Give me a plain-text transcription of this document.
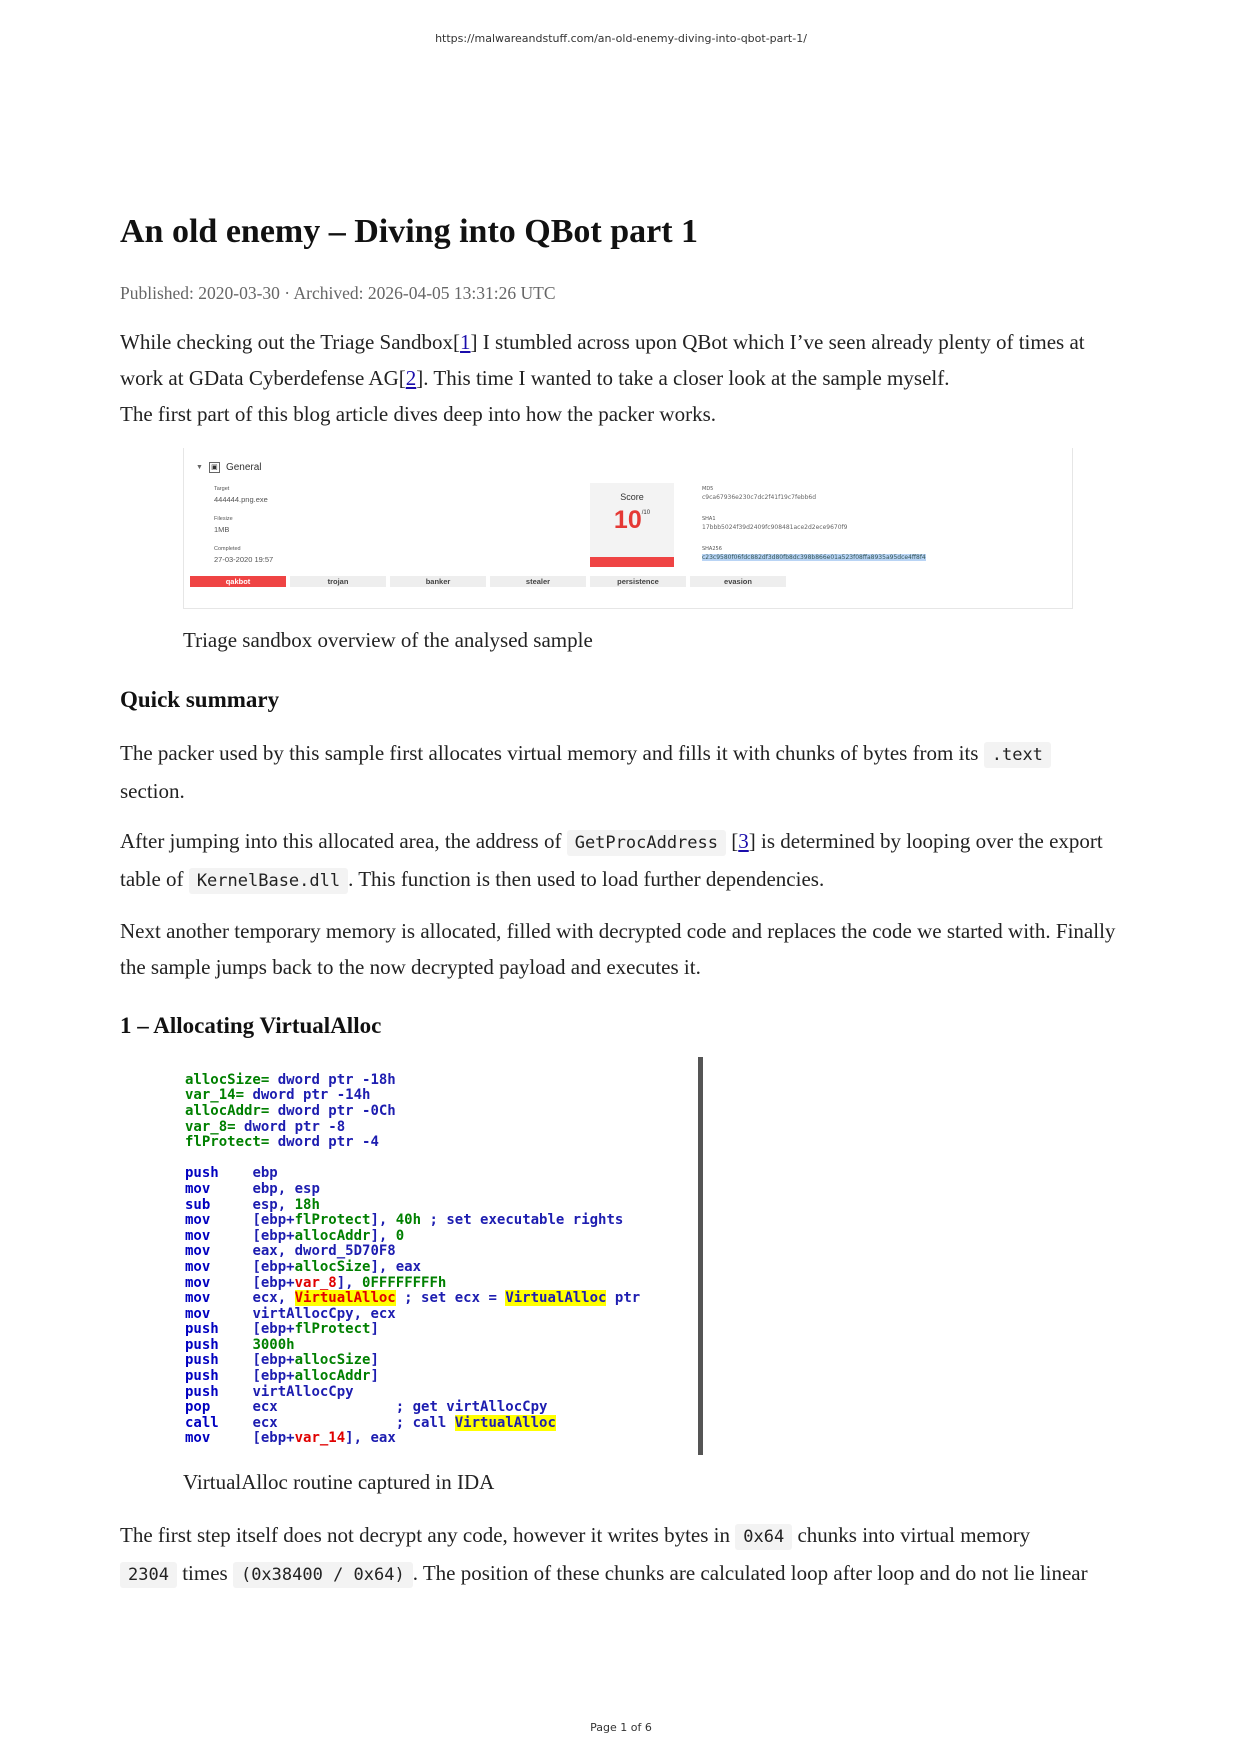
https://malwareandstuff.com/an-old-enemy-diving-into-qbot-part-1/
An old enemy – Diving into QBot part 1
Published: 2020-03-30 · Archived: 2026-04-05 13:31:26 UTC

While checking out the Triage Sandbox[1] I stumbled across upon QBot which I’ve seen already plenty of times at work at GData Cyberdefense AG[2]. This time I wanted to take a closer look at the sample myself.
The first part of this blog article dives deep into how the packer works.

▼	▣ General
Target
444444.png.exe
Filesize
1MB
Completed
27-03-2020 19:57
Score
$10^{/10}$
MD5
c9ca67936e230c7dc2f41f19c7febb6d
SHA1
17bbb5024f39d2409fc908481ace2d2ece9670f9
SHA256
c23c9580f06fdc882df3d80fb8dc398b866e01a523f08ffa8935a95dce4ff8f4
qakbot	trojan	banker	stealer	persistence	evasion
Triage sandbox overview of the analysed sample
Quick summary

The packer used by this sample first allocates virtual memory and fills it with chunks of bytes from its .text
section.

After jumping into this allocated area, the address of GetProcAddress [3] is determined by looping over the export table of KernelBase.dll . This function is then used to load further dependencies.

Next another temporary memory is allocated, filled with decrypted code and replaces the code we started with. Finally the sample jumps back to the now decrypted payload and executes it.

1 – Allocating VirtualAlloc
allocSize= dword ptr -18h
var_14= dword ptr -14h
allocAddr= dword ptr -0Ch
var_8= dword ptr -8
flProtect= dword ptr -4

push    ebp
mov     ebp, esp
sub     esp, 18h
mov     [ebp+flProtect], 40h ; set executable rights
mov     [ebp+allocAddr], 0
mov     eax, dword_5D70F8
mov     [ebp+allocSize], eax
mov     [ebp+var_8], 0FFFFFFFFh
mov     ecx, VirtualAlloc ; set ecx = VirtualAlloc ptr
mov     virtAllocCpy, ecx
push    [ebp+flProtect]
push    3000h
push    [ebp+allocSize]
push    [ebp+allocAddr]
push    virtAllocCpy
pop     ecx              ; get virtAllocCpy
call    ecx              ; call VirtualAlloc
mov     [ebp+var_14], eax
VirtualAlloc routine captured in IDA

The first step itself does not decrypt any code, however it writes bytes in 0x64 chunks into virtual memory
2304 times (0x38400 / 0x64) . The position of these chunks are calculated loop after loop and do not lie linear

Page 1 of 6
